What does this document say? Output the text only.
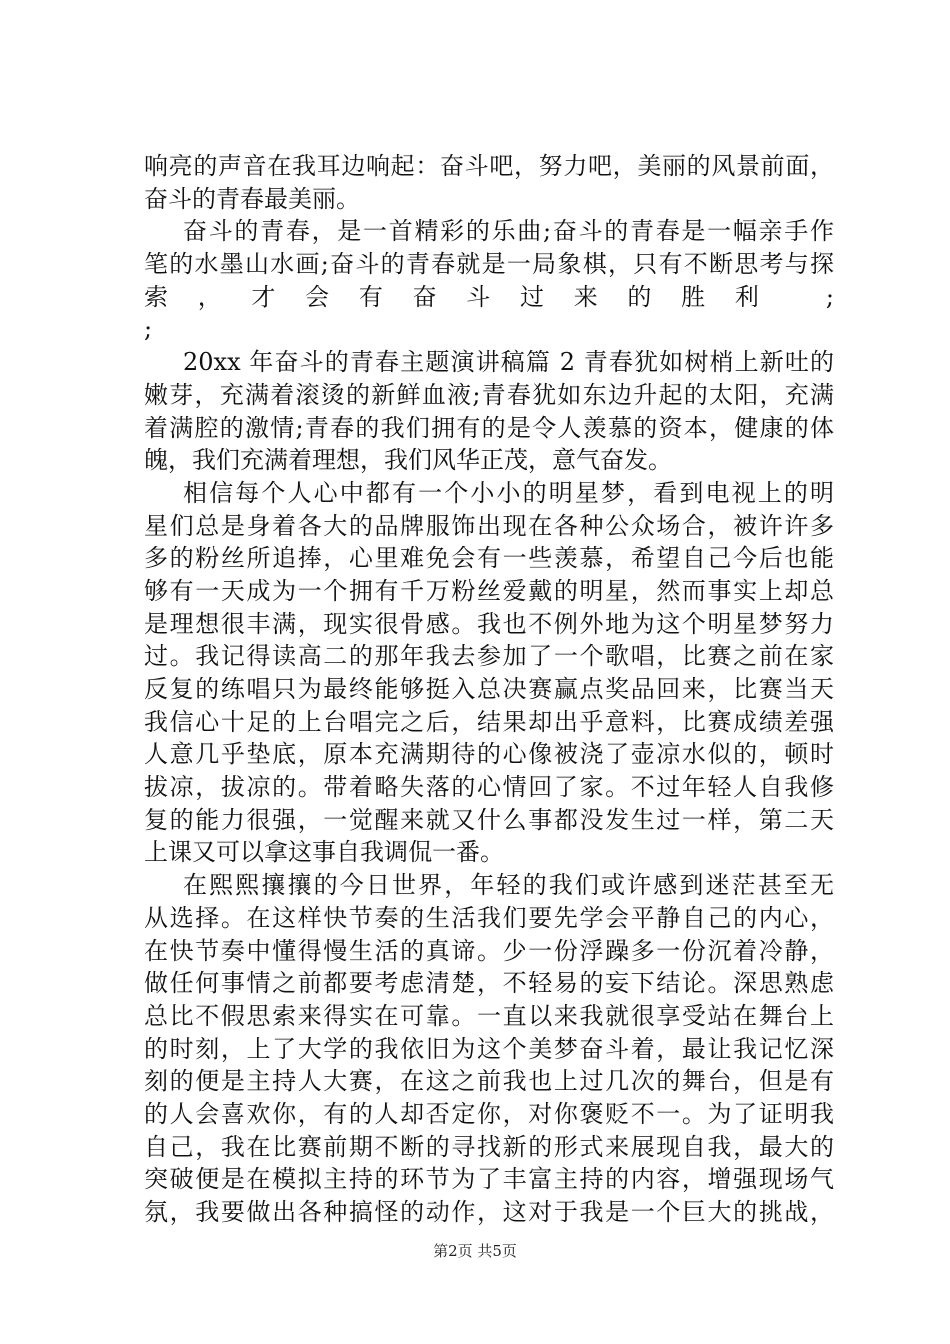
响亮的声音在我耳边响起：奋斗吧，努力吧，美丽的风景前面，
奋斗的青春最美丽。
奋斗的青春，是一首精彩的乐曲;奋斗的青春是一幅亲手作
笔的水墨山水画;奋斗的青春就是一局象棋，只有不断思考与探
索，才会有奋斗过来的胜利 ;
;
20xx 年奋斗的青春主题演讲稿篇 2 青春犹如树梢上新吐的
嫩芽，充满着滚烫的新鲜血液;青春犹如东边升起的太阳，充满
着满腔的激情;青春的我们拥有的是令人羡慕的资本，健康的体
魄，我们充满着理想，我们风华正茂，意气奋发。
相信每个人心中都有一个小小的明星梦，看到电视上的明
星们总是身着各大的品牌服饰出现在各种公众场合，被许许多
多的粉丝所追捧，心里难免会有一些羡慕，希望自己今后也能
够有一天成为一个拥有千万粉丝爱戴的明星，然而事实上却总
是理想很丰满，现实很骨感。我也不例外地为这个明星梦努力
过。我记得读高二的那年我去参加了一个歌唱，比赛之前在家
反复的练唱只为最终能够挺入总决赛赢点奖品回来，比赛当天
我信心十足的上台唱完之后，结果却出乎意料，比赛成绩差强
人意几乎垫底，原本充满期待的心像被浇了壶凉水似的，顿时
拔凉，拔凉的。带着略失落的心情回了家。不过年轻人自我修
复的能力很强，一觉醒来就又什么事都没发生过一样，第二天
上课又可以拿这事自我调侃一番。
在熙熙攘攘的今日世界，年轻的我们或许感到迷茫甚至无
从选择。在这样快节奏的生活我们要先学会平静自己的内心，
在快节奏中懂得慢生活的真谛。少一份浮躁多一份沉着冷静，
做任何事情之前都要考虑清楚，不轻易的妄下结论。深思熟虑
总比不假思索来得实在可靠。一直以来我就很享受站在舞台上
的时刻，上了大学的我依旧为这个美梦奋斗着，最让我记忆深
刻的便是主持人大赛，在这之前我也上过几次的舞台，但是有
的人会喜欢你，有的人却否定你，对你褒贬不一。为了证明我
自己，我在比赛前期不断的寻找新的形式来展现自我，最大的
突破便是在模拟主持的环节为了丰富主持的内容，增强现场气
氛，我要做出各种搞怪的动作，这对于我是一个巨大的挑战，
第2页 共5页
